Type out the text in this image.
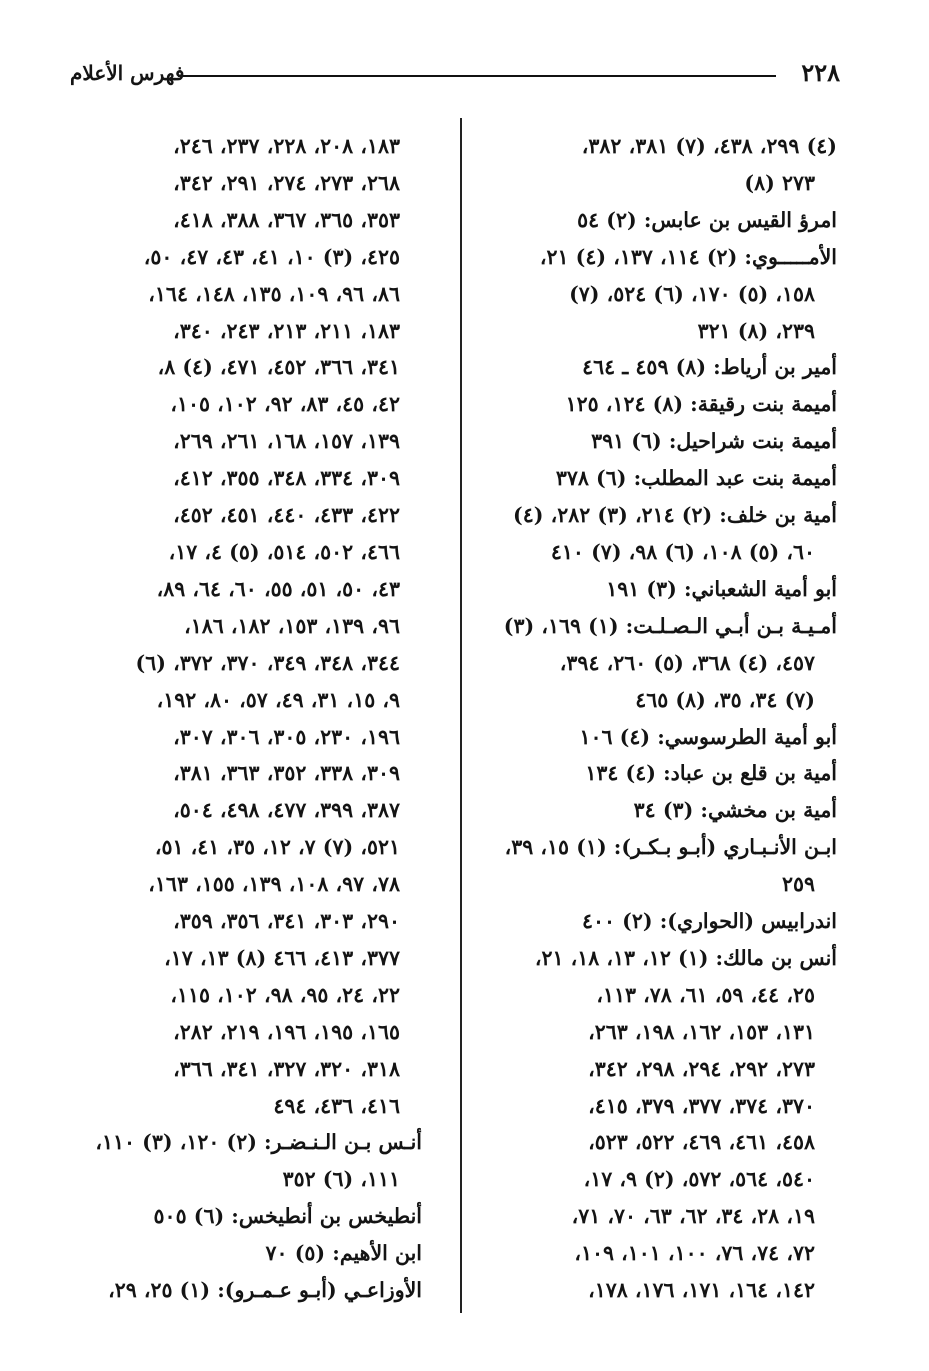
٢٢٨
فهرس الأعلام
(٤) ٢٩٩، ٤٣٨، (٧) ٣٨١، ٣٨٢،
٢٧٣ (٨)
امرؤ القيس بن عابس: (٢) ٥٤
الأمـــــوي: (٢) ١١٤، ١٣٧، (٤) ٢١،
١٥٨، (٥) ١٧٠، (٦) ٥٢٤، (٧)
٢٣٩، (٨) ٣٢١
أمير بن أرياط: (٨) ٤٥٩ ـ ٤٦٤
أميمة بنت رقيقة: (٨) ١٢٤، ١٢٥
أميمة بنت شراحيل: (٦) ٣٩١
أميمة بنت عبد المطلب: (٦) ٣٧٨
أمية بن خلف: (٢) ٢١٤، (٣) ٢٨٢، (٤)
٦٠، (٥) ١٠٨، (٦) ٩٨، (٧) ٤١٠
أبو أمية الشعباني: (٣) ١٩١
أمـيـة بـن أبـي الـصـلـت: (١) ١٦٩، (٣)
٤٥٧، (٤) ٣٦٨، (٥) ٢٦٠، ٣٩٤،
(٧) ٣٤، ٣٥، (٨) ٤٦٥
أبو أمية الطرسوسي: (٤) ١٠٦
أمية بن قلع بن عباد: (٤) ١٣٤
أمية بن مخشي: (٣) ٣٤
ابـن الأنـبـاري (أبـو بـكـر): (١) ١٥، ٣٩،
٢٥٩
اندرابيس (الحواري): (٢) ٤٠٠
أنس بن مالك: (١) ١٢، ١٣، ١٨، ٢١،
٢٥، ٤٤، ٥٩، ٦١، ٧٨، ١١٣،
١٣١، ١٥٣، ١٦٢، ١٩٨، ٢٦٣،
٢٧٣، ٢٩٢، ٢٩٤، ٢٩٨، ٣٤٢،
٣٧٠، ٣٧٤، ٣٧٧، ٣٧٩، ٤١٥،
٤٥٨، ٤٦١، ٤٦٩، ٥٢٢، ٥٢٣،
٥٤٠، ٥٦٤، ٥٧٢، (٢) ٩، ١٧،
١٩، ٢٨، ٣٤، ٦٢، ٦٣، ٧٠، ٧١،
٧٢، ٧٤، ٧٦، ١٠٠، ١٠١، ١٠٩،
١٤٢، ١٦٤، ١٧١، ١٧٦، ١٧٨،
١٨٣، ٢٠٨، ٢٢٨، ٢٣٧، ٢٤٦،
٢٦٨، ٢٧٣، ٢٧٤، ٢٩١، ٣٤٢،
٣٥٣، ٣٦٥، ٣٦٧، ٣٨٨، ٤١٨،
٤٢٥، (٣) ١٠، ٤١، ٤٣، ٤٧، ٥٠،
٨٦، ٩٦، ١٠٩، ١٣٥، ١٤٨، ١٦٤،
١٨٣، ٢١١، ٢١٣، ٢٤٣، ٣٤٠،
٣٤١، ٣٦٦، ٤٥٢، ٤٧١، (٤) ٨،
٤٢، ٤٥، ٨٣، ٩٢، ١٠٢، ١٠٥،
١٣٩، ١٥٧، ١٦٨، ٢٦١، ٢٦٩،
٣٠٩، ٣٣٤، ٣٤٨، ٣٥٥، ٤١٢،
٤٢٢، ٤٣٣، ٤٤٠، ٤٥١، ٤٥٢،
٤٦٦، ٥٠٢، ٥١٤، (٥) ٤، ١٧،
٤٣، ٥٠، ٥١، ٥٥، ٦٠، ٦٤، ٨٩،
٩٦، ١٣٩، ١٥٣، ١٨٢، ١٨٦،
٣٤٤، ٣٤٨، ٣٤٩، ٣٧٠، ٣٧٢، (٦)
٩، ١٥، ٣١، ٤٩، ٥٧، ٨٠، ١٩٢،
١٩٦، ٢٣٠، ٣٠٥، ٣٠٦، ٣٠٧،
٣٠٩، ٣٣٨، ٣٥٢، ٣٦٣، ٣٨١،
٣٨٧، ٣٩٩، ٤٧٧، ٤٩٨، ٥٠٤،
٥٢١، (٧) ٧، ١٢، ٣٥، ٤١، ٥١،
٧٨، ٩٧، ١٠٨، ١٣٩، ١٥٥، ١٦٣،
٢٩٠، ٣٠٣، ٣٤١، ٣٥٦، ٣٥٩،
٣٧٧، ٤١٣، ٤٦٦ (٨) ١٣، ١٧،
٢٢، ٢٤، ٩٥، ٩٨، ١٠٢، ١١٥،
١٦٥، ١٩٥، ١٩٦، ٢١٩، ٢٨٢،
٣١٨، ٣٢٠، ٣٢٧، ٣٤١، ٣٦٦،
٤١٦، ٤٣٦، ٤٩٤
أنـس بـن الـنـضـر: (٢) ١٢٠، (٣) ١١٠،
١١١، (٦) ٣٥٢
أنطيخس بن أنطيخس: (٦) ٥٠٥
ابن الأهيم: (٥) ٧٠
الأوزاعـي (أبـو عـمـرو): (١) ٢٥، ٢٩،
